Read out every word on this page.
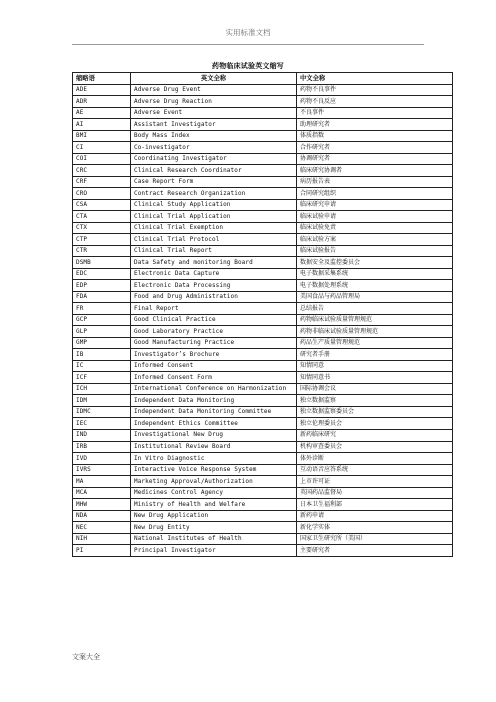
实用标准文档
药物临床试验英文缩写
缩略语	英文全称	中文全称
ADE	Adverse Drug Event	药物不良事件
ADR	Adverse Drug Reaction	药物不良反应
AE	Adverse Event	不良事件
AI	Assistant Investigator	助理研究者
BMI	Body Mass Index	体质指数
CI	Co-investigator	合作研究者
COI	Coordinating Investigator	协调研究者
CRC	Clinical Research Coordinator	临床研究协调者
CRF	Case Report Form	病历报告表
CRO	Contract Research Organization	合同研究组织
CSA	Clinical Study Application	临床研究申请
CTA	Clinical Trial Application	临床试验申请
CTX	Clinical Trial Exemption	临床试验免责
CTP	Clinical Trial Protocol	临床试验方案
CTR	Clinical Trial Report	临床试验报告
DSMB	Data Safety and monitoring Board	数据安全及监控委员会
EDC	Electronic Data Capture	电子数据采集系统
EDP	Electronic Data Processing	电子数据处理系统
FDA	Food and Drug Administration	美国食品与药品管理局
FR	Final Report	总结报告
GCP	Good Clinical Practice	药物临床试验质量管理规范
GLP	Good Laboratory Practice	药物非临床试验质量管理规范
GMP	Good Manufacturing Practice	药品生产质量管理规范
IB	Investigator’s Brochure	研究者手册
IC	Informed Consent	知情同意
ICF	Informed Consent Form	知情同意书
ICH	International Conference on Harmonization	国际协调会议
IDM	Independent Data Monitoring	独立数据监察
IDMC	Independent Data Monitoring Committee	独立数据监察委员会
IEC	Independent Ethics Committee	独立伦理委员会
IND	Investigational New Drug	新药临床研究
IRB	Institutional Review Board	机构审查委员会
IVD	In Vitro Diagnostic	体外诊断
IVRS	Interactive Voice Response System	互动语音应答系统
MA	Marketing Approval/Authorization	上市许可证
MCA	Medicines Control Agency	英国药品监督局
MHW	Ministry of Health and Welfare	日本卫生福利部
NDA	New Drug Application	新药申请
NEC	New Drug Entity	新化学实体
NIH	National Institutes of Health	国家卫生研究所（美国）
PI	Principal Investigator	主要研究者
文案大全
